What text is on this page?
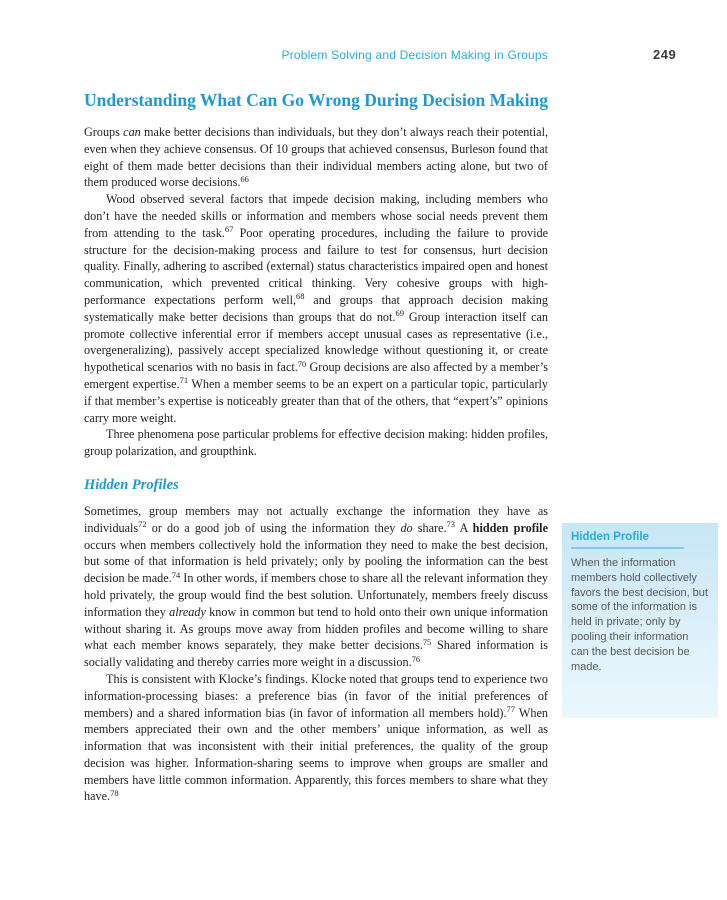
Problem Solving and Decision Making in Groups	249
Understanding What Can Go Wrong During Decision Making

Groups can make better decisions than individuals, but they don’t always reach their potential, even when they achieve consensus. Of 10 groups that achieved consensus, Burleson found that eight of them made better decisions than their individual members acting alone, but two of them produced worse decisions.$^{66}$

Wood observed several factors that impede decision making, including members who don’t have the needed skills or information and members whose social needs prevent them from attending to the task.$^{67}$ Poor operating procedures, including the failure to provide structure for the decision-making process and failure to test for consensus, hurt decision quality. Finally, adhering to ascribed (external) status characteristics impaired open and honest communication, which prevented critical thinking. Very cohesive groups with high-performance expectations perform well,$^{68}$ and groups that approach decision making systematically make better decisions than groups that do not.$^{69}$ Group interaction itself can promote collective inferential error if members accept unusual cases as representative (i.e., overgeneralizing), passively accept specialized knowledge without questioning it, or create hypothetical scenarios with no basis in fact.$^{70}$ Group decisions are also affected by a member’s emergent expertise.$^{71}$ When a member seems to be an expert on a particular topic, particularly if that member’s expertise is noticeably greater than that of the others, that “expert’s” opinions carry more weight.

Three phenomena pose particular problems for effective decision making: hidden profiles, group polarization, and groupthink.

Hidden Profiles

Sometimes, group members may not actually exchange the information they have as individuals$^{72}$ or do a good job of using the information they do share.$^{73}$ A hidden profile occurs when members collectively hold the information they need to make the best decision, but some of that information is held privately; only by pooling the information can the best decision be made.$^{74}$ In other words, if members chose to share all the relevant information they hold privately, the group would find the best solution. Unfortunately, members freely discuss information they already know in common but tend to hold onto their own unique information without sharing it. As groups move away from hidden profiles and become willing to share what each member knows separately, they make better decisions.$^{75}$ Shared information is socially validating and thereby carries more weight in a discussion.$^{76}$

This is consistent with Klocke’s findings. Klocke noted that groups tend to experience two information-processing biases: a preference bias (in favor of the initial preferences of members) and a shared information bias (in favor of information all members hold).$^{77}$ When members appreciated their own and the other members’ unique information, as well as information that was inconsistent with their initial preferences, the quality of the group decision was higher. Information-sharing seems to improve when groups are smaller and members have little common information. Apparently, this forces members to share what they have.$^{78}$

Hidden Profile
When the information members hold collectively favors the best decision, but some of the information is held in private; only by pooling their information can the best decision be made.
